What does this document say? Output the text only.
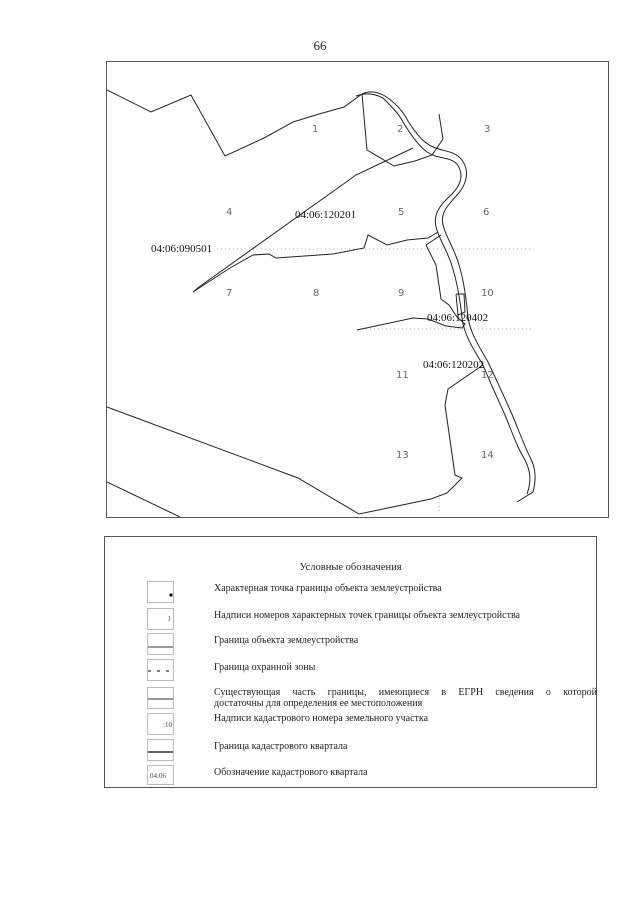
66
1	2	3
4	5	6
7	8	9	10
11	12
13	14
04:06:120201
04:06:090501
04:06:120402
04:06:120202
Условные обозначения
Характерная точка границы объекта землеустройства
1	Надписи номеров характерных точек границы объекта землеустройства
Граница объекта землеустройства
Граница охранной зоны
Существующая часть границы, имеющиеся в ЕГРН сведения о которой
достаточны для определения ее местоположения
:10
Надписи кадастрового номера земельного участка
Граница кадастрового квартала
04:06	Обозначение кадастрового квартала
